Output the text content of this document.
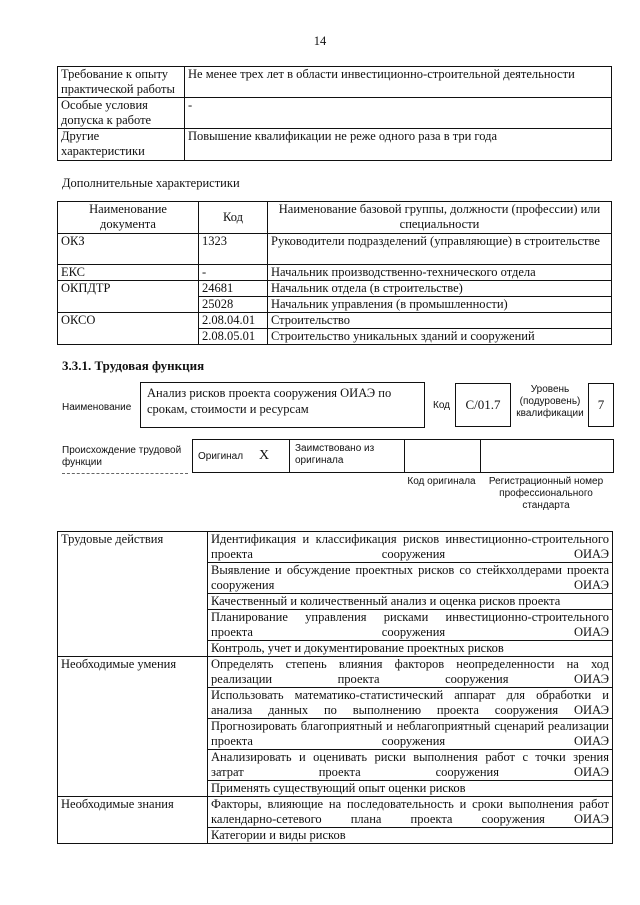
14
Требование к опыту практической работы	Не менее трех лет в области инвестиционно-строительной деятельности
Особые условия допуска к работе	-
Другие характеристики	Повышение квалификации не реже одного раза в три года
Дополнительные характеристики
Наименование документа	Код	Наименование базовой группы, должности (профессии) или специальности
ОКЗ	1323	Руководители подразделений (управляющие) в строительстве
ЕКС	-	Начальник производственно-технического отдела
ОКПДТР	24681	Начальник отдела (в строительстве)
	25028	Начальник управления (в промышленности)
ОКСО	2.08.04.01	Строительство
	2.08.05.01	Строительство уникальных зданий и сооружений
3.3.1. Трудовая функция
Наименование
Анализ рисков проекта сооружения ОИАЭ по срокам, стоимости и ресурсам	Код	C/01.7
Уровень (подуровень) квалификации
7
Происхождение трудовой функции
Оригинал X	Заимствовано из оригинала
Код оригинала	Регистрационный номер профессионального стандарта
Трудовые действия	Идентификация и классификация рисков инвестиционно-строительного проекта сооружения ОИАЭ
	Выявление и обсуждение проектных рисков со стейкхолдерами проекта сооружения ОИАЭ
	Качественный и количественный анализ и оценка рисков проекта
	Планирование управления рисками инвестиционно-строительного проекта сооружения ОИАЭ
	Контроль, учет и документирование проектных рисков
Необходимые умения	Определять степень влияния факторов неопределенности на ход реализации проекта сооружения ОИАЭ
	Использовать математико-статистический аппарат для обработки и анализа данных по выполнению проекта сооружения ОИАЭ
	Прогнозировать благоприятный и неблагоприятный сценарий реализации проекта сооружения ОИАЭ
	Анализировать и оценивать риски выполнения работ с точки зрения затрат проекта сооружения ОИАЭ
	Применять существующий опыт оценки рисков
Необходимые знания	Факторы, влияющие на последовательность и сроки выполнения работ календарно-сетевого плана проекта сооружения ОИАЭ
	Категории и виды рисков
